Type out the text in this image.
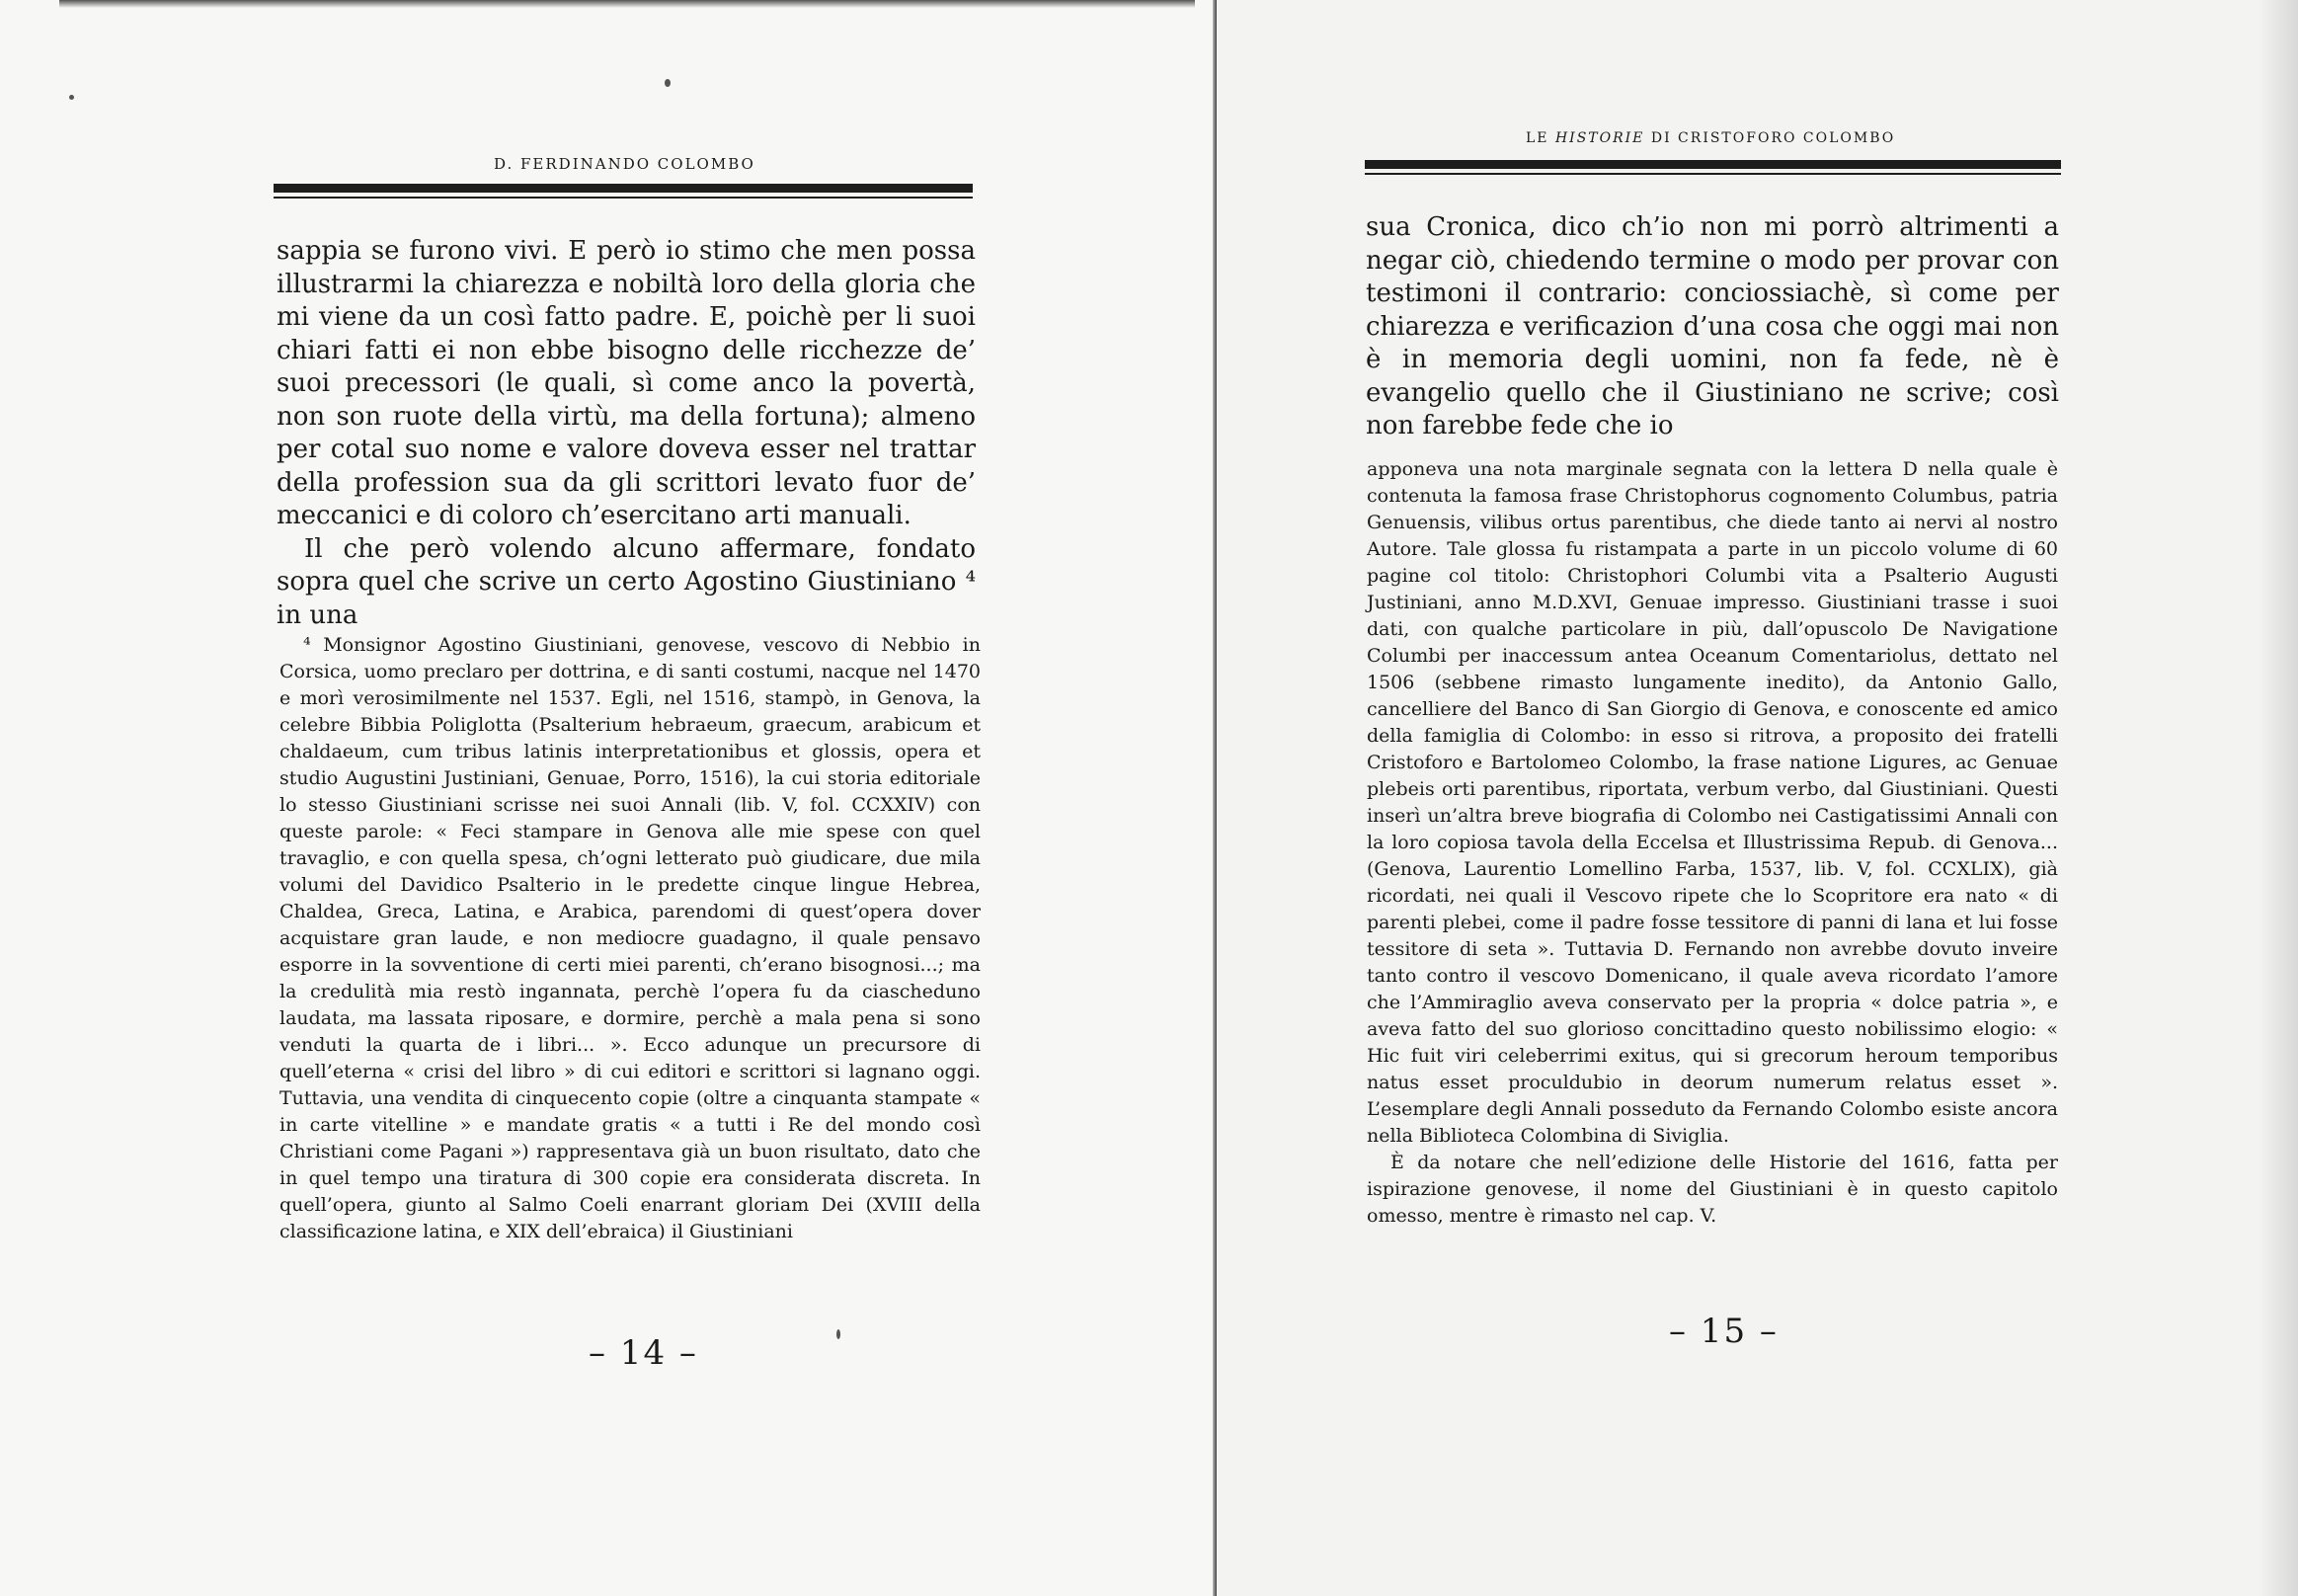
D. FERDINANDO COLOMBO

sappia se furono vivi. E però io stimo che men possa illustrarmi la chiarezza e nobiltà loro della gloria che mi viene da un così fatto padre. E, poichè per li suoi chiari fatti ei non ebbe bisogno delle ricchezze de’ suoi precessori (le quali, sì come anco la povertà, non son ruote della virtù, ma della fortuna); almeno per cotal suo nome e valore doveva esser nel trattar della profession sua da gli scrittori levato fuor de’ meccanici e di coloro ch’esercitano arti manuali.

Il che però volendo alcuno affermare, fondato sopra quel che scrive un certo Agostino Giustiniano ⁴ in una

⁴ Monsignor Agostino Giustiniani, genovese, vescovo di Nebbio in Corsica, uomo preclaro per dottrina, e di santi costumi, nacque nel 1470 e morì verosimilmente nel 1537. Egli, nel 1516, stampò, in Genova, la celebre Bibbia Poliglotta (Psalterium hebraeum, graecum, arabicum et chaldaeum, cum tribus latinis interpretationibus et glossis, opera et studio Augustini Justiniani, Genuae, Porro, 1516), la cui storia editoriale lo stesso Giustiniani scrisse nei suoi Annali (lib. V, fol. CCXXIV) con queste parole: « Feci stampare in Genova alle mie spese con quel travaglio, e con quella spesa, ch’ogni letterato può giudicare, due mila volumi del Davidico Psalterio in le predette cinque lingue Hebrea, Chaldea, Greca, Latina, e Arabica, parendomi di quest’opera dover acquistare gran laude, e non mediocre guadagno, il quale pensavo esporre in la sovventione di certi miei parenti, ch’erano bisognosi...; ma la credulità mia restò ingannata, perchè l’opera fu da ciascheduno laudata, ma lassata riposare, e dormire, perchè a mala pena si sono venduti la quarta de i libri... ». Ecco adunque un precursore di quell’eterna « crisi del libro » di cui editori e scrittori si lagnano oggi. Tuttavia, una vendita di cinquecento copie (oltre a cinquanta stampate « in carte vitelline » e mandate gratis « a tutti i Re del mondo così Christiani come Pagani ») rappresentava già un buon risultato, dato che in quel tempo una tiratura di 300 copie era considerata discreta. In quell’opera, giunto al Salmo Coeli enarrant gloriam Dei (XVIII della classificazione latina, e XIX dell’ebraica) il Giustiniani

– 14 –
LE HISTORIE DI CRISTOFORO COLOMBO

sua Cronica, dico ch’io non mi porrò altrimenti a negar ciò, chiedendo termine o modo per provar con testimoni il contrario: conciossiachè, sì come per chiarezza e verificazion d’una cosa che oggi mai non è in memoria degli uomini, non fa fede, nè è evangelio quello che il Giustiniano ne scrive; così non farebbe fede che io

apponeva una nota marginale segnata con la lettera D nella quale è contenuta la famosa frase Christophorus cognomento Columbus, patria Genuensis, vilibus ortus parentibus, che diede tanto ai nervi al nostro Autore. Tale glossa fu ristampata a parte in un piccolo volume di 60 pagine col titolo: Christophori Columbi vita a Psalterio Augusti Justiniani, anno M.D.XVI, Genuae impresso. Giustiniani trasse i suoi dati, con qualche particolare in più, dall’opuscolo De Navigatione Columbi per inaccessum antea Oceanum Comentariolus, dettato nel 1506 (sebbene rimasto lungamente inedito), da Antonio Gallo, cancelliere del Banco di San Giorgio di Genova, e conoscente ed amico della famiglia di Colombo: in esso si ritrova, a proposito dei fratelli Cristoforo e Bartolomeo Colombo, la frase natione Ligures, ac Genuae plebeis orti parentibus, riportata, verbum verbo, dal Giustiniani. Questi inserì un’altra breve biografia di Colombo nei Castigatissimi Annali con la loro copiosa tavola della Eccelsa et Illustrissima Repub. di Genova... (Genova, Laurentio Lomellino Farba, 1537, lib. V, fol. CCXLIX), già ricordati, nei quali il Vescovo ripete che lo Scopritore era nato « di parenti plebei, come il padre fosse tessitore di panni di lana et lui fosse tessitore di seta ». Tuttavia D. Fernando non avrebbe dovuto inveire tanto contro il vescovo Domenicano, il quale aveva ricordato l’amore che l’Ammiraglio aveva conservato per la propria « dolce patria », e aveva fatto del suo glorioso concittadino questo nobilissimo elogio: « Hic fuit viri celeberrimi exitus, qui si grecorum heroum temporibus natus esset proculdubio in deorum numerum relatus esset ». L’esemplare degli Annali posseduto da Fernando Colombo esiste ancora nella Biblioteca Colombina di Siviglia.

È da notare che nell’edizione delle Historie del 1616, fatta per ispirazione genovese, il nome del Giustiniani è in questo capitolo omesso, mentre è rimasto nel cap. V.

– 15 –
